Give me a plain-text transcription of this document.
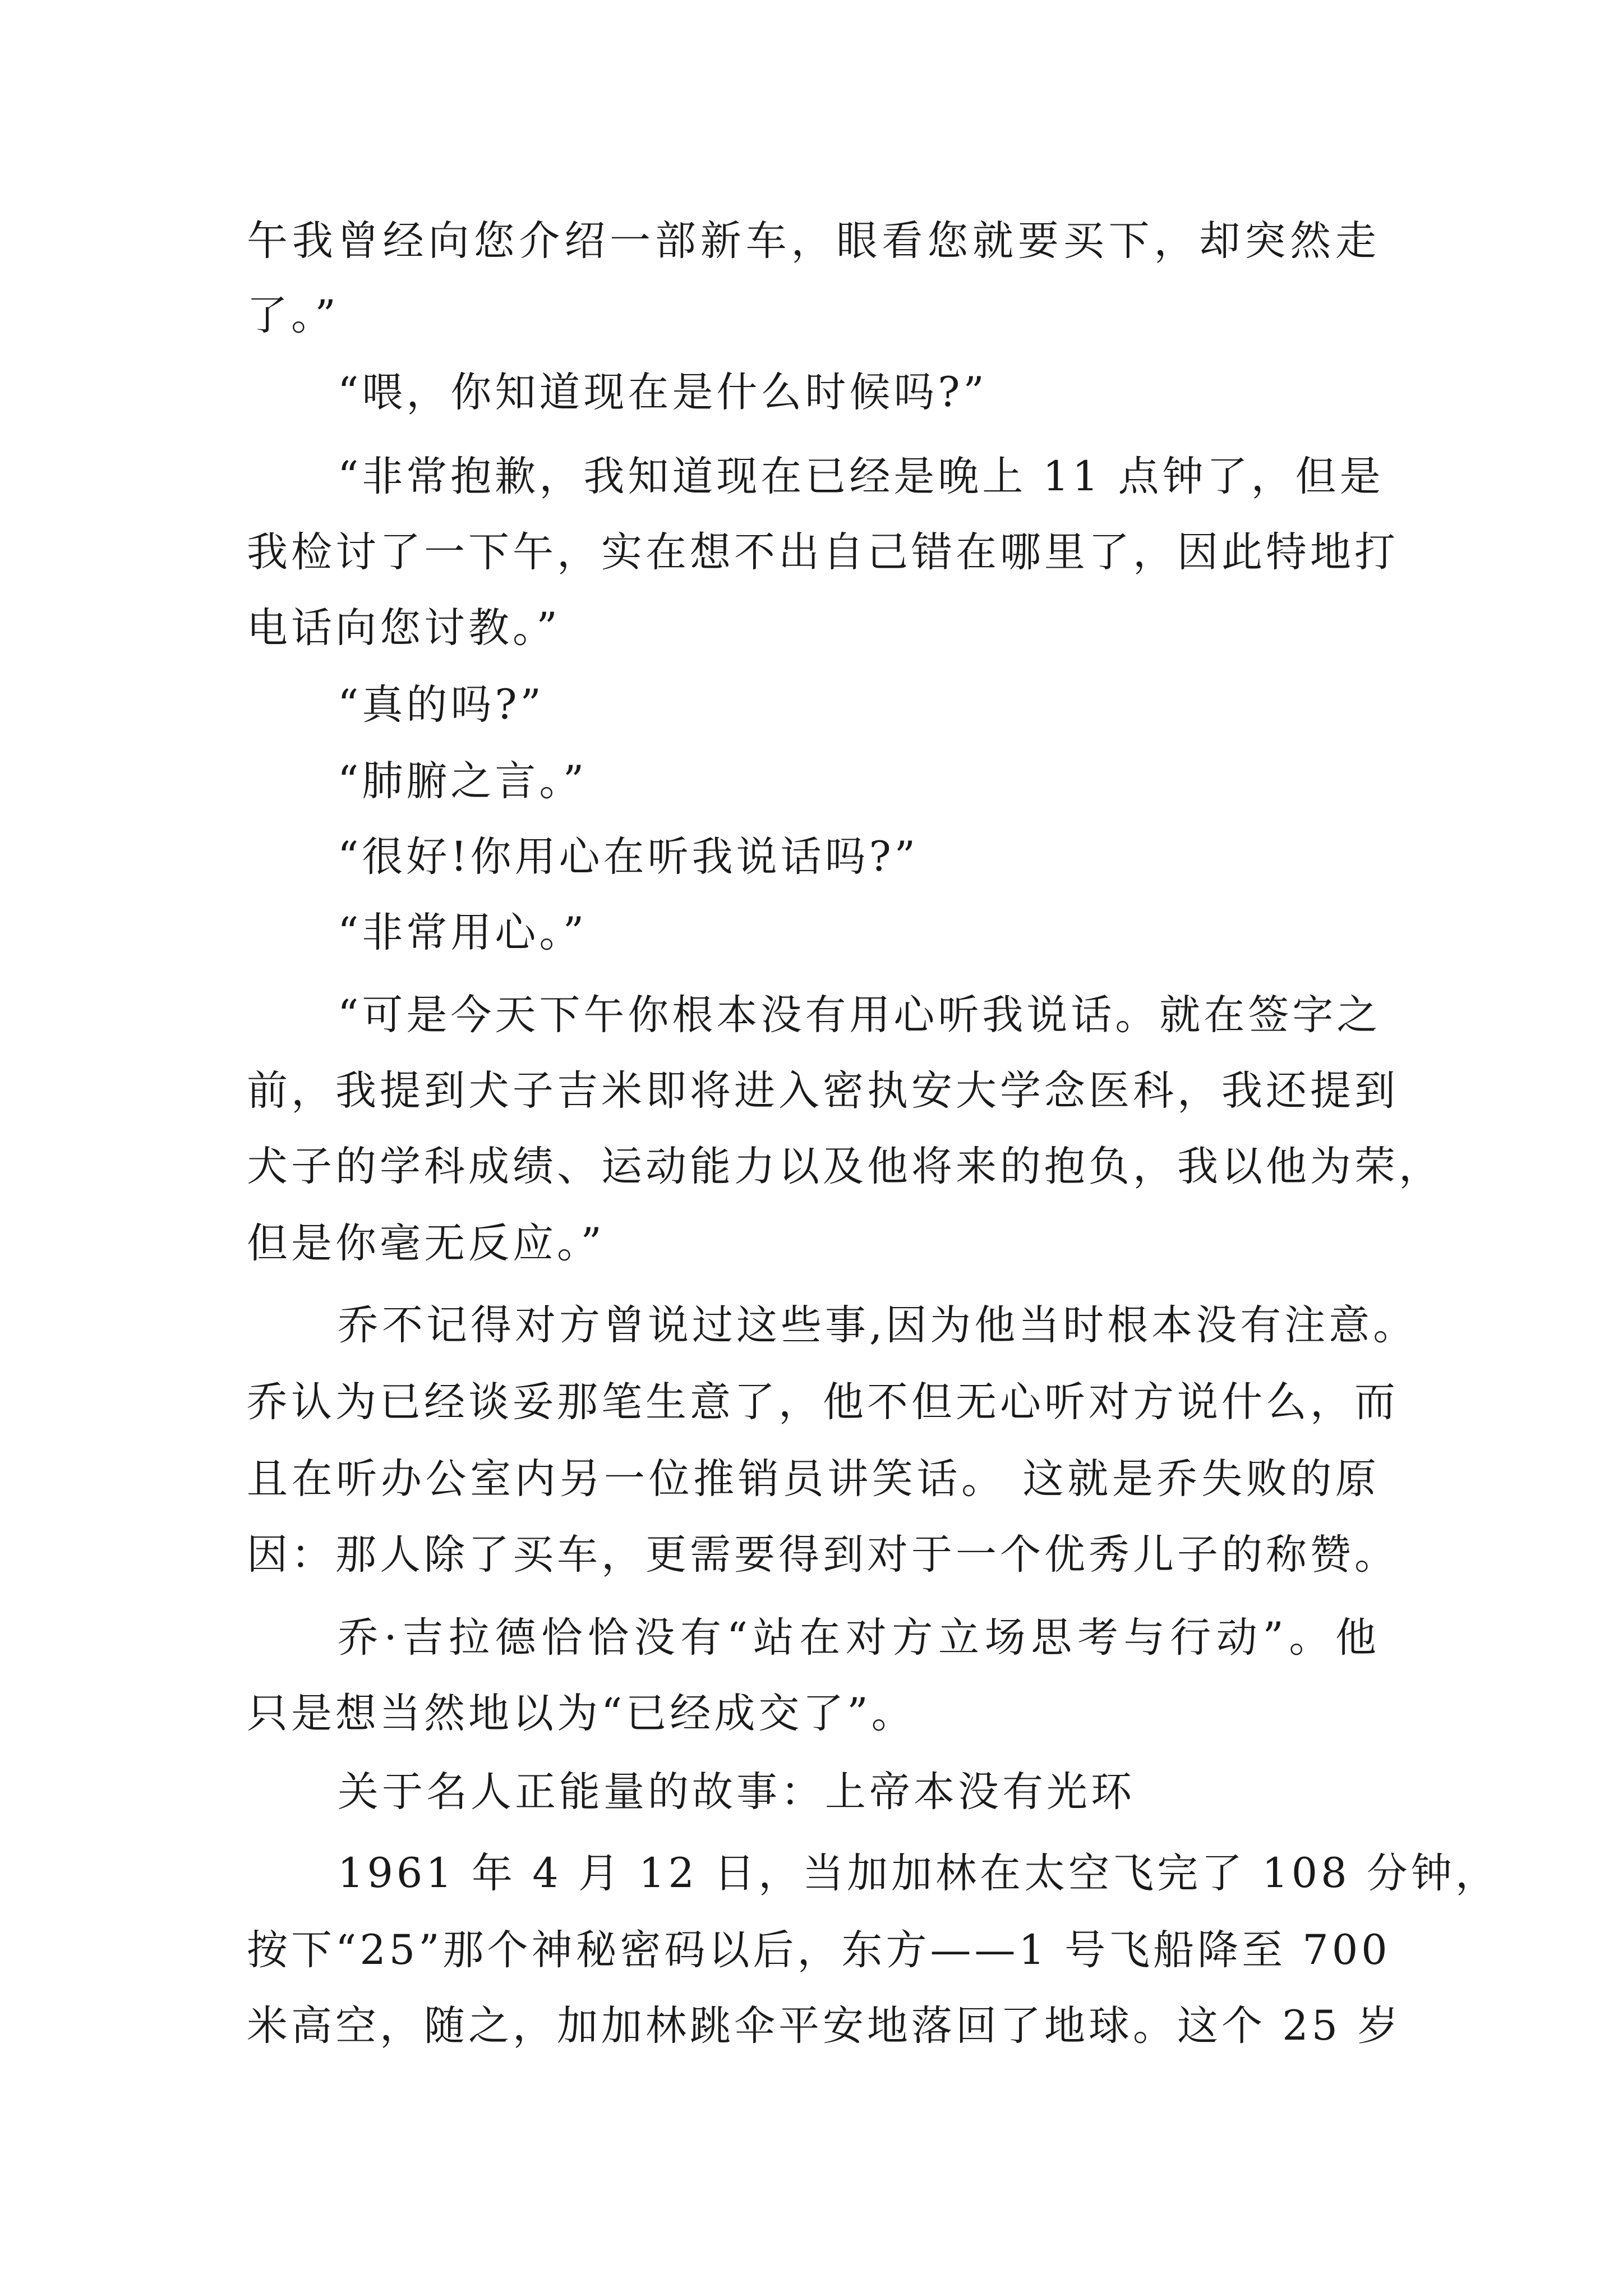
午我曾经向您介绍一部新车，眼看您就要买下，却突然走

了。”

“喂，你知道现在是什么时候吗?”

“非常抱歉，我知道现在已经是晚上 11 点钟了，但是

我检讨了一下午，实在想不出自己错在哪里了，因此特地打

电话向您讨教。”

“真的吗?”

“肺腑之言。”

“很好!你用心在听我说话吗?”

“非常用心。”

“可是今天下午你根本没有用心听我说话。就在签字之

前，我提到犬子吉米即将进入密执安大学念医科，我还提到

犬子的学科成绩、运动能力以及他将来的抱负，我以他为荣，

但是你毫无反应。”

乔不记得对方曾说过这些事,因为他当时根本没有注意。

乔认为已经谈妥那笔生意了，他不但无心听对方说什么，而

且在听办公室内另一位推销员讲笑话。 这就是乔失败的原

因：那人除了买车，更需要得到对于一个优秀儿子的称赞。

乔·吉拉德恰恰没有“站在对方立场思考与行动”。他

只是想当然地以为“已经成交了”。

关于名人正能量的故事：上帝本没有光环

1961 年 4 月 12 日，当加加林在太空飞完了 108 分钟，

按下“25”那个神秘密码以后，东方——1 号飞船降至 700

米高空，随之，加加林跳伞平安地落回了地球。这个 25 岁
